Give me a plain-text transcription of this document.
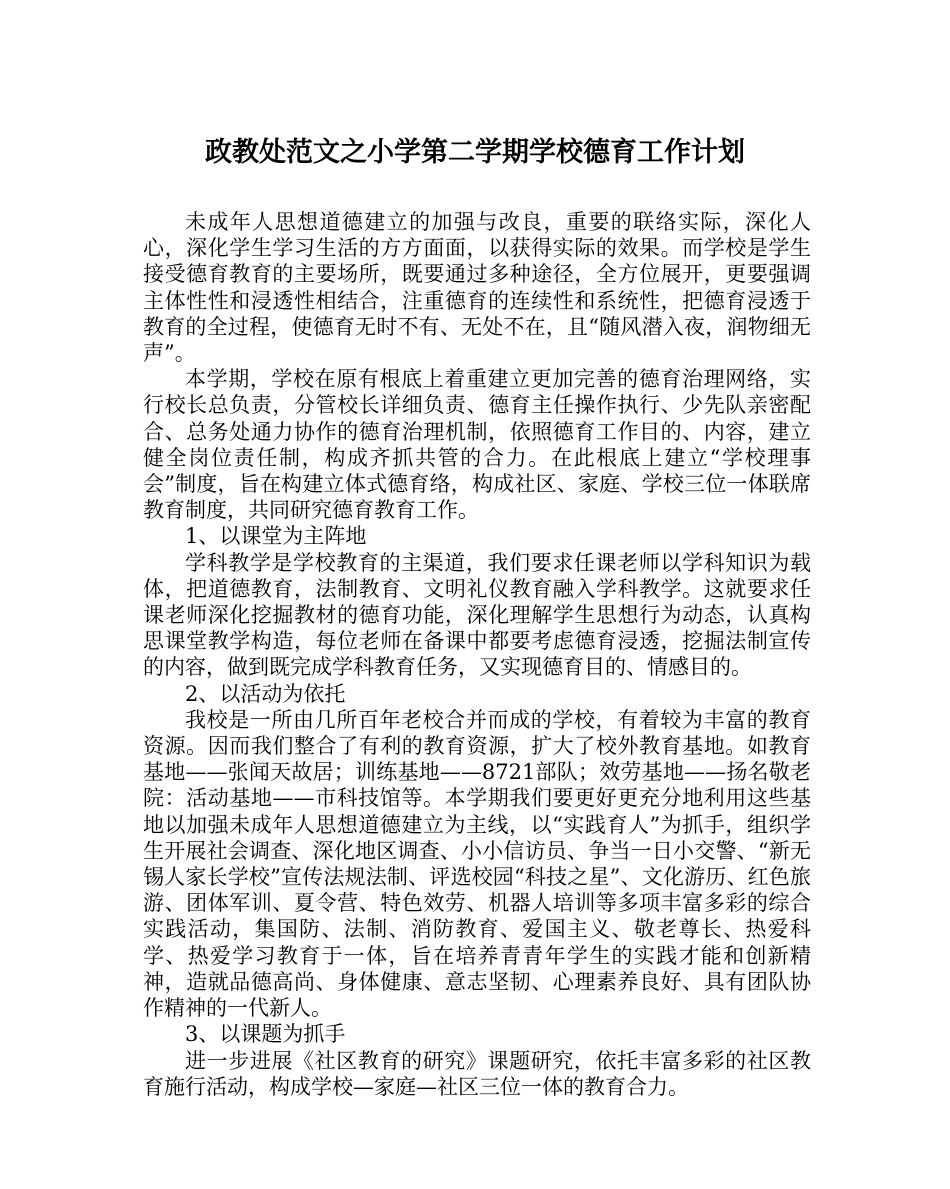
政教处范文之小学第二学期学校德育工作计划

未成年人思想道德建立的加强与改良，重要的联络实际，深化人心，深化学生学习生活的方方面面，以获得实际的效果。而学校是学生接受德育教育的主要场所，既要通过多种途径，全方位展开，更要强调主体性性和浸透性相结合，注重德育的连续性和系统性，把德育浸透于教育的全过程，使德育无时不有、无处不在，且“随风潜入夜，润物细无声”。

本学期，学校在原有根底上着重建立更加完善的德育治理网络，实行校长总负责，分管校长详细负责、德育主任操作执行、少先队亲密配合、总务处通力协作的德育治理机制，依照德育工作目的、内容，建立健全岗位责任制，构成齐抓共管的合力。在此根底上建立“学校理事会”制度，旨在构建立体式德育络，构成社区、家庭、学校三位一体联席教育制度，共同研究德育教育工作。

1、以课堂为主阵地

学科教学是学校教育的主渠道，我们要求任课老师以学科知识为载体，把道德教育，法制教育、文明礼仪教育融入学科教学。这就要求任课老师深化挖掘教材的德育功能，深化理解学生思想行为动态，认真构思课堂教学构造，每位老师在备课中都要考虑德育浸透，挖掘法制宣传的内容，做到既完成学科教育任务，又实现德育目的、情感目的。

2、以活动为依托

我校是一所由几所百年老校合并而成的学校，有着较为丰富的教育资源。因而我们整合了有利的教育资源，扩大了校外教育基地。如教育基地——张闻天故居；训练基地——8721部队；效劳基地——扬名敬老院：活动基地——市科技馆等。本学期我们要更好更充分地利用这些基地以加强未成年人思想道德建立为主线，以“实践育人”为抓手，组织学生开展社会调查、深化地区调查、小小信访员、争当一日小交警、“新无锡人家长学校”宣传法规法制、评选校园“科技之星”、文化游历、红色旅游、团体军训、夏令营、特色效劳、机器人培训等多项丰富多彩的综合实践活动，集国防、法制、消防教育、爱国主义、敬老尊长、热爱科学、热爱学习教育于一体，旨在培养青青年学生的实践才能和创新精神，造就品德高尚、身体健康、意志坚韧、心理素养良好、具有团队协作精神的一代新人。

3、以课题为抓手

进一步进展《社区教育的研究》课题研究，依托丰富多彩的社区教育施行活动，构成学校—家庭—社区三位一体的教育合力。
